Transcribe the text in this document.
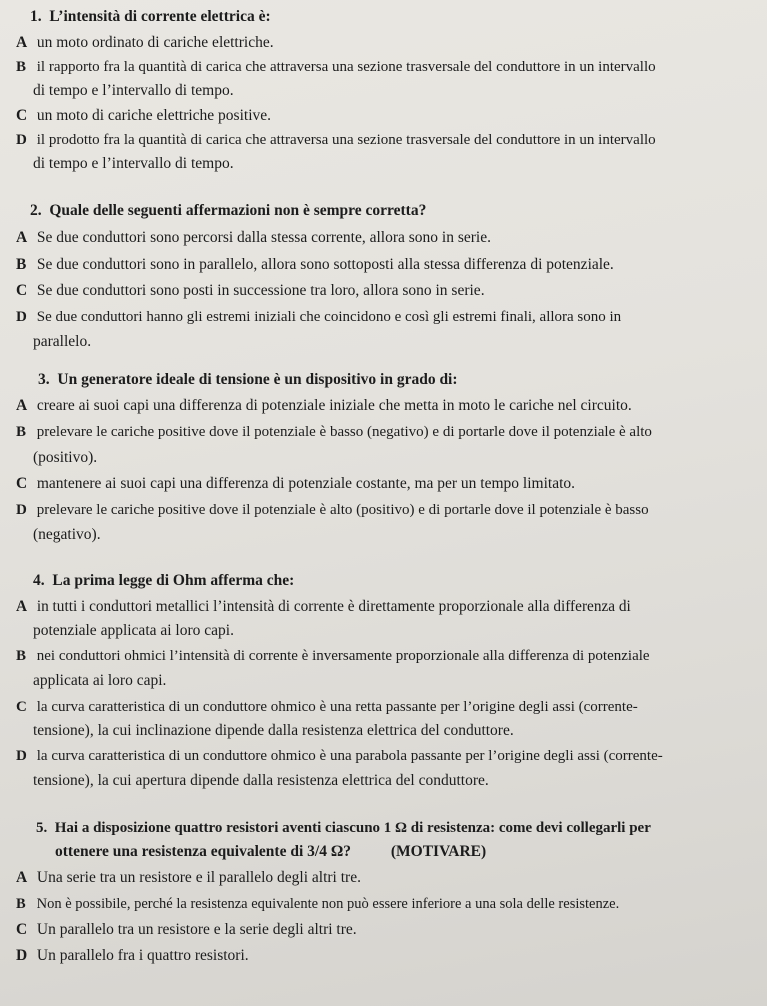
1. L’intensità di corrente elettrica è:
A un moto ordinato di cariche elettriche.
B il rapporto fra la quantità di carica che attraversa una sezione trasversale del conduttore in un intervallo
di tempo e l’intervallo di tempo.
C un moto di cariche elettriche positive.
D il prodotto fra la quantità di carica che attraversa una sezione trasversale del conduttore in un intervallo
di tempo e l’intervallo di tempo.
2. Quale delle seguenti affermazioni non è sempre corretta?
A Se due conduttori sono percorsi dalla stessa corrente, allora sono in serie.
B Se due conduttori sono in parallelo, allora sono sottoposti alla stessa differenza di potenziale.
C Se due conduttori sono posti in successione tra loro, allora sono in serie.
D Se due conduttori hanno gli estremi iniziali che coincidono e così gli estremi finali, allora sono in
parallelo.
3. Un generatore ideale di tensione è un dispositivo in grado di:
A creare ai suoi capi una differenza di potenziale iniziale che metta in moto le cariche nel circuito.
B prelevare le cariche positive dove il potenziale è basso (negativo) e di portarle dove il potenziale è alto
(positivo).
C mantenere ai suoi capi una differenza di potenziale costante, ma per un tempo limitato.
D prelevare le cariche positive dove il potenziale è alto (positivo) e di portarle dove il potenziale è basso
(negativo).
4. La prima legge di Ohm afferma che:
A in tutti i conduttori metallici l’intensità di corrente è direttamente proporzionale alla differenza di
potenziale applicata ai loro capi.
B nei conduttori ohmici l’intensità di corrente è inversamente proporzionale alla differenza di potenziale
applicata ai loro capi.
C la curva caratteristica di un conduttore ohmico è una retta passante per l’origine degli assi (corrente-
tensione), la cui inclinazione dipende dalla resistenza elettrica del conduttore.
D la curva caratteristica di un conduttore ohmico è una parabola passante per l’origine degli assi (corrente-
tensione), la cui apertura dipende dalla resistenza elettrica del conduttore.
5. Hai a disposizione quattro resistori aventi ciascuno 1 Ω di resistenza: come devi collegarli per
ottenere una resistenza equivalente di 3/4 Ω?	(MOTIVARE)
A Una serie tra un resistore e il parallelo degli altri tre.
B Non è possibile, perché la resistenza equivalente non può essere inferiore a una sola delle resistenze.
C Un parallelo tra un resistore e la serie degli altri tre.
D Un parallelo fra i quattro resistori.
